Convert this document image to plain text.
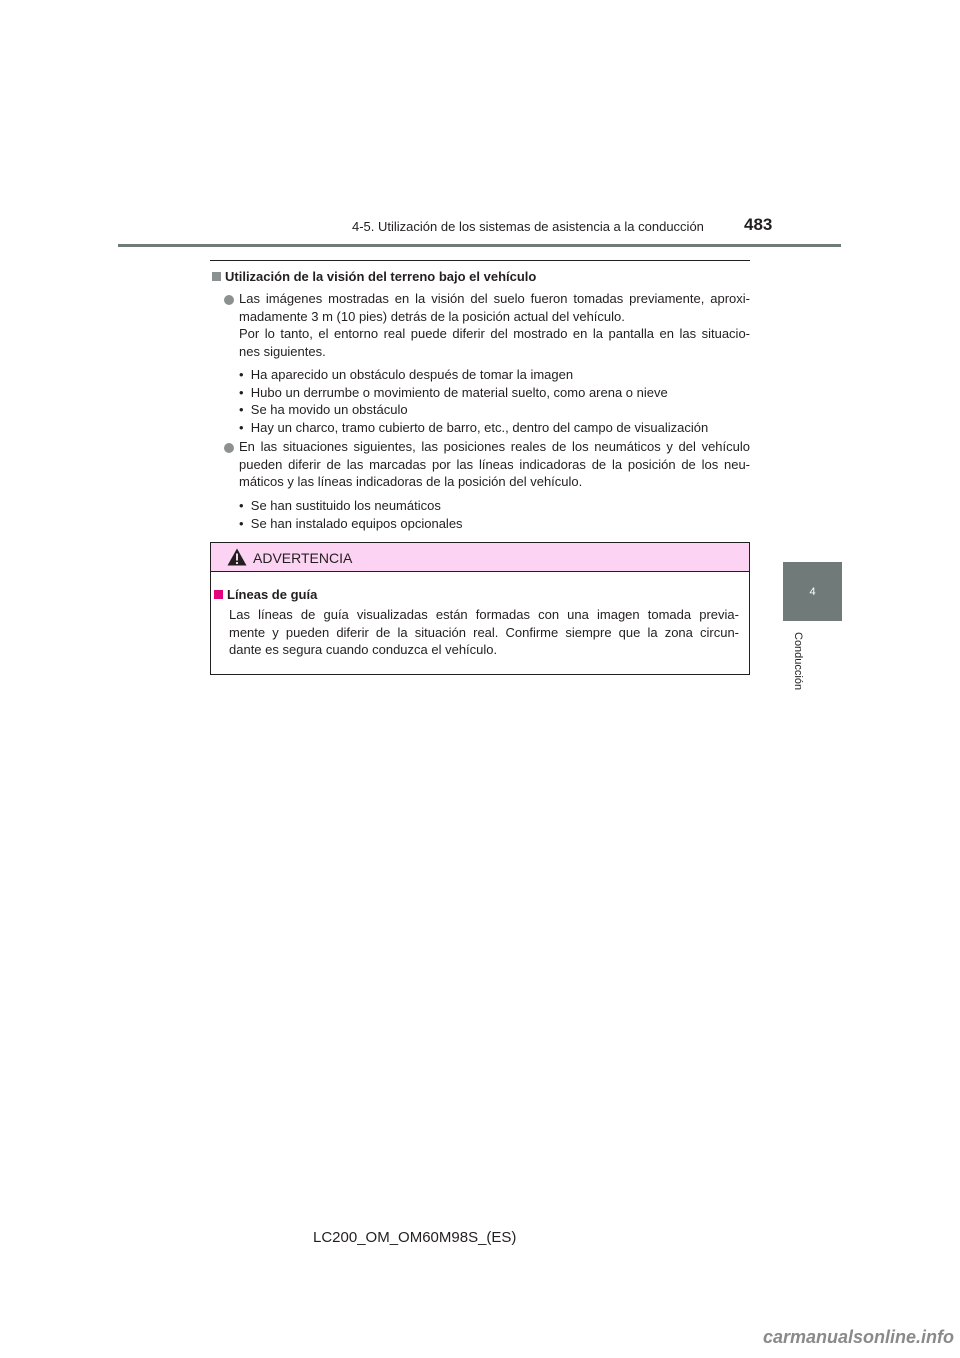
4-5. Utilización de los sistemas de asistencia a la conducción 483
4
Conducción
Utilización de la visión del terreno bajo el vehículo
Las imágenes mostradas en la visión del suelo fueron tomadas previamente, aproxi-
madamente 3 m (10 pies) detrás de la posición actual del vehículo.
Por lo tanto, el entorno real puede diferir del mostrado en la pantalla en las situacio-
nes siguientes.
•  Ha aparecido un obstáculo después de tomar la imagen
•  Hubo un derrumbe o movimiento de material suelto, como arena o nieve
•  Se ha movido un obstáculo
•  Hay un charco, tramo cubierto de barro, etc., dentro del campo de visualización
En las situaciones siguientes, las posiciones reales de los neumáticos y del vehículo
pueden diferir de las marcadas por las líneas indicadoras de la posición de los neu-
máticos y las líneas indicadoras de la posición del vehículo.
•  Se han sustituido los neumáticos
•  Se han instalado equipos opcionales
ADVERTENCIA
Líneas de guía
Las líneas de guía visualizadas están formadas con una imagen tomada previa-
mente y pueden diferir de la situación real. Confirme siempre que la zona circun-
dante es segura cuando conduzca el vehículo.
LC200_OM_OM60M98S_(ES)
carmanualsonline.info
